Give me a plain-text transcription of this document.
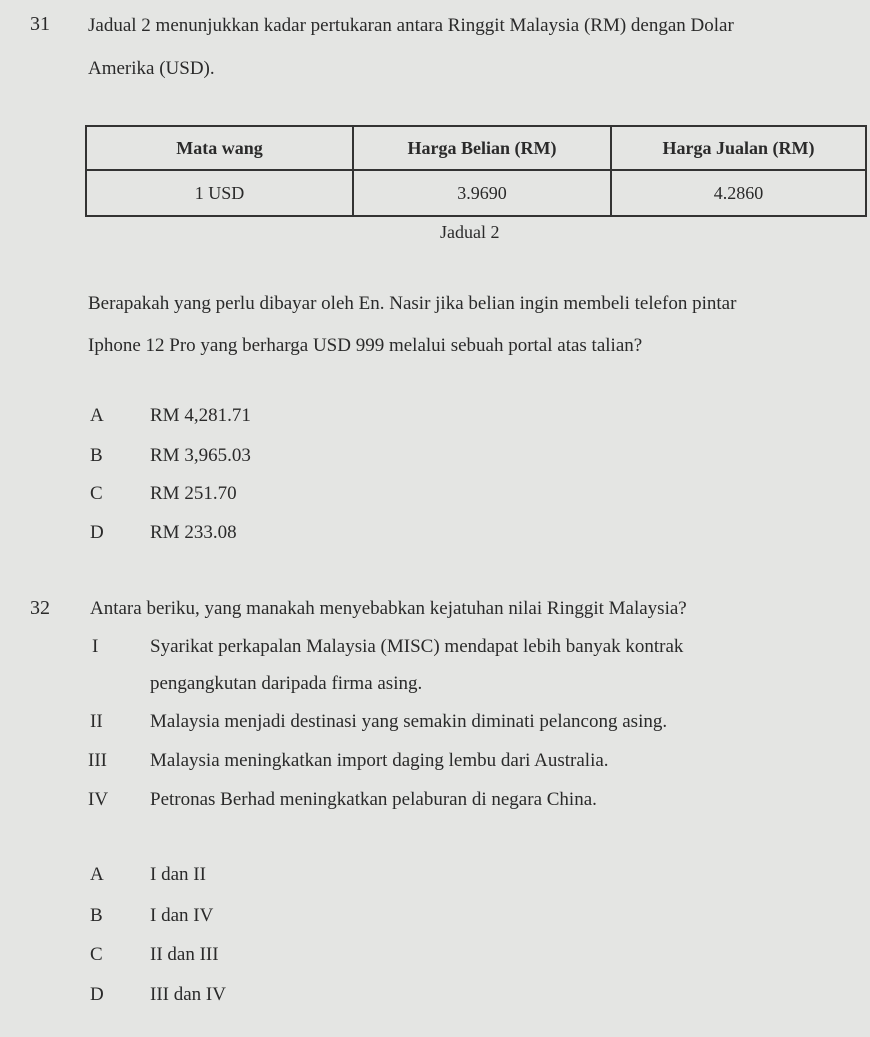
31 Jadual 2 menunjukkan kadar pertukaran antara Ringgit Malaysia (RM) dengan Dolar
Amerika (USD).
Mata wang	Harga Belian (RM)	Harga Jualan (RM)
1 USD	3.9690	4.2860
Jadual 2
Berapakah yang perlu dibayar oleh En. Nasir jika belian ingin membeli telefon pintar
Iphone 12 Pro yang berharga USD 999 melalui sebuah portal atas talian?
A RM 4,281.71
B RM 3,965.03
C RM 251.70
D RM 233.08
32 Antara beriku, yang manakah menyebabkan kejatuhan nilai Ringgit Malaysia?
I	Syarikat perkapalan Malaysia (MISC) mendapat lebih banyak kontrak
pengangkutan daripada firma asing.
II Malaysia menjadi destinasi yang semakin diminati pelancong asing.
III Malaysia meningkatkan import daging lembu dari Australia.
IV Petronas Berhad meningkatkan pelaburan di negara China.
A I dan II
B I dan IV
C II dan III
D III dan IV
